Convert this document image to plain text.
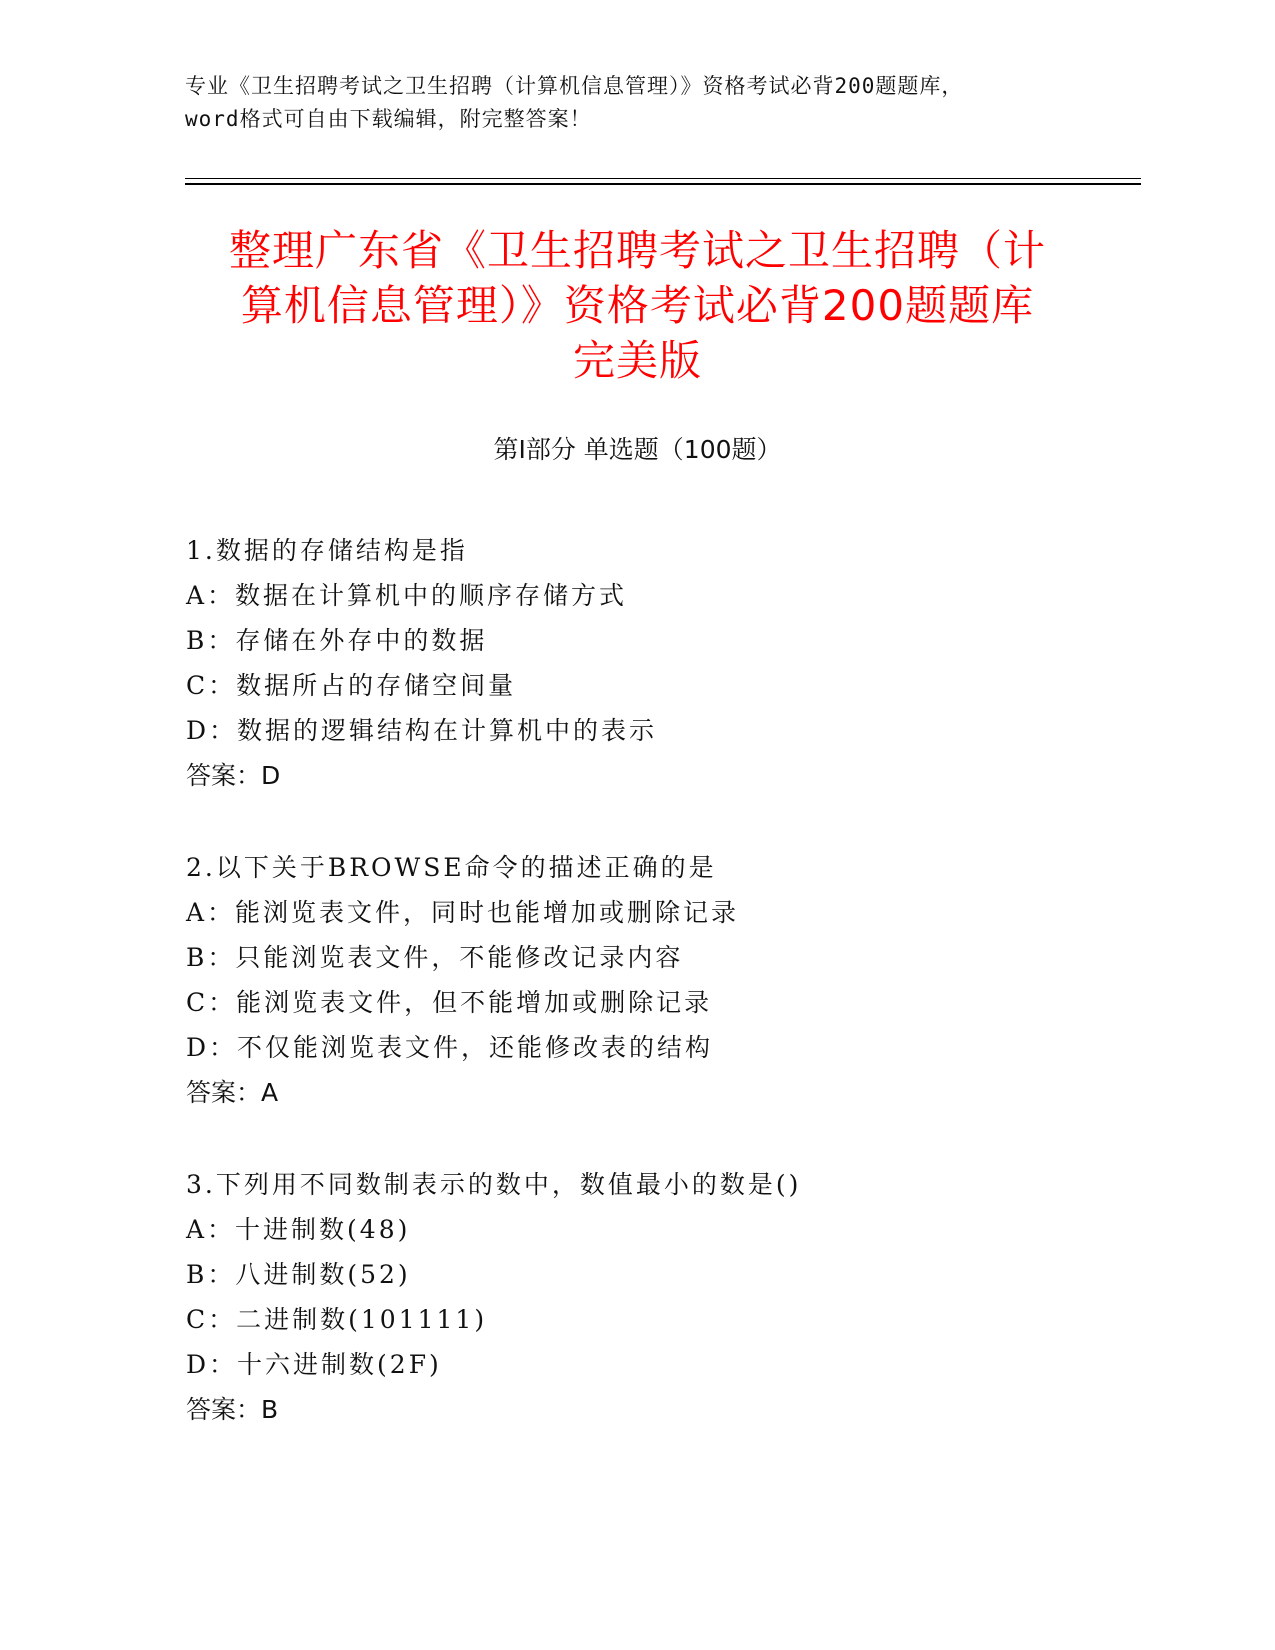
专业《卫生招聘考试之卫生招聘（计算机信息管理）》资格考试必背200题题库，
word格式可自由下载编辑，附完整答案！
整理广东省《卫生招聘考试之卫生招聘（计
算机信息管理）》资格考试必背200题题库
完美版
第I部分 单选题（100题）
1.数据的存储结构是指
A：数据在计算机中的顺序存储方式
B：存储在外存中的数据
C：数据所占的存储空间量
D：数据的逻辑结构在计算机中的表示
答案：D
2.以下关于BROWSE命令的描述正确的是
A：能浏览表文件，同时也能增加或删除记录
B：只能浏览表文件，不能修改记录内容
C：能浏览表文件，但不能增加或删除记录
D：不仅能浏览表文件，还能修改表的结构
答案：A
3.下列用不同数制表示的数中，数值最小的数是()
A：十进制数(48)
B：八进制数(52)
C：二进制数(101111)
D：十六进制数(2F)
答案：B
